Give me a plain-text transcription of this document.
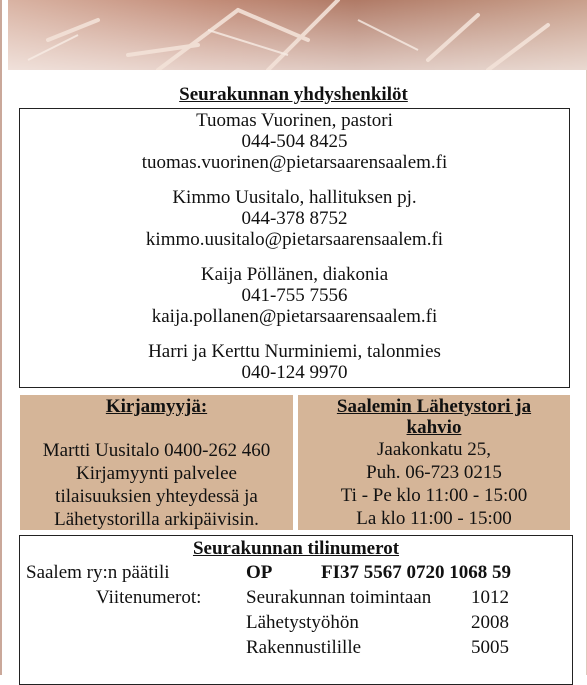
Seurakunnan yhdyshenkilöt
Tuomas Vuorinen, pastori
044-504 8425
tuomas.vuorinen@pietarsaarensaalem.fi
Kimmo Uusitalo, hallituksen pj.
044-378 8752
kimmo.uusitalo@pietarsaarensaalem.fi
Kaija Pöllänen, diakonia
041-755 7556
kaija.pollanen@pietarsaarensaalem.fi
Harri ja Kerttu Nurminiemi, talonmies
040-124 9970
Kirjamyyjä:
Martti Uusitalo 0400-262 460
Kirjamyynti palvelee
tilaisuuksien yhteydessä ja
Lähetystorilla arkipäivisin.
Saalemin Lähetystori ja
kahvio
Jaakonkatu 25,
Puh. 06-723 0215
Ti - Pe klo 11:00 - 15:00
La klo 11:00 - 15:00
Seurakunnan tilinumerot
Saalem ry:n päätili	OP	FI37 5567 0720 1068 59
Viitenumerot: Seurakunnan toimintaan 1012
Lähetystyöhön	2008
Rakennustilille	5005
